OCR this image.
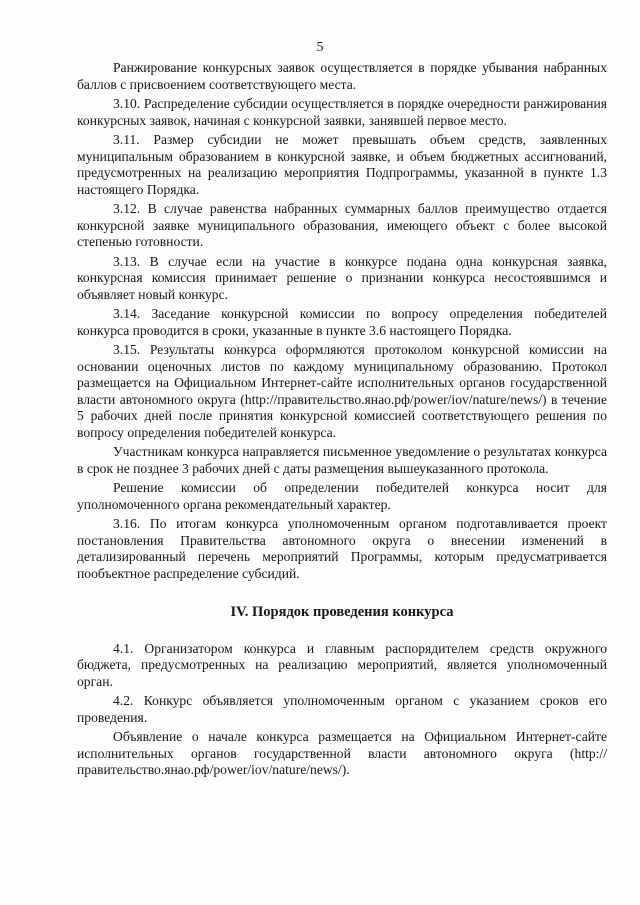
5

Ранжирование конкурсных заявок осуществляется в порядке убывания набранных баллов с присвоением соответствующего места.

3.10. Распределение субсидии осуществляется в порядке очередности ранжирования конкурсных заявок, начиная с конкурсной заявки, занявшей первое место.

3.11. Размер субсидии не может превышать объем средств, заявленных муниципальным образованием в конкурсной заявке, и объем бюджетных ассигнований, предусмотренных на реализацию мероприятия Подпрограммы, указанной в пункте 1.3 настоящего Порядка.

3.12. В случае равенства набранных суммарных баллов преимущество отдается конкурсной заявке муниципального образования, имеющего объект с более высокой степенью готовности.

3.13. В случае если на участие в конкурсе подана одна конкурсная заявка, конкурсная комиссия принимает решение о признании конкурса несостоявшимся и объявляет новый конкурс.

3.14. Заседание конкурсной комиссии по вопросу определения победителей конкурса проводится в сроки, указанные в пункте 3.6 настоящего Порядка.

3.15. Результаты конкурса оформляются протоколом конкурсной комиссии на основании оценочных листов по каждому муниципальному образованию. Протокол размещается на Официальном Интернет-сайте исполнительных органов государственной власти автономного округа (http://правительство.янао.рф/power/iov/nature/news/) в течение 5 рабочих дней после принятия конкурсной комиссией соответствующего решения по вопросу определения победителей конкурса.

Участникам конкурса направляется письменное уведомление о результатах конкурса в срок не позднее 3 рабочих дней с даты размещения вышеуказанного протокола.

Решение комиссии об определении победителей конкурса носит для уполномоченного органа рекомендательный характер.

3.16. По итогам конкурса уполномоченным органом подготавливается проект постановления Правительства автономного округа о внесении изменений в детализированный перечень мероприятий Программы, которым предусматривается пообъектное распределение субсидий.

IV. Порядок проведения конкурса

4.1. Организатором конкурса и главным распорядителем средств окружного бюджета, предусмотренных на реализацию мероприятий, является уполномоченный орган.

4.2. Конкурс объявляется уполномоченным органом с указанием сроков его проведения.

Объявление о начале конкурса размещается на Официальном Интернет-сайте исполнительных органов государственной власти автономного округа (http://правительство.янао.рф/power/iov/nature/news/).
